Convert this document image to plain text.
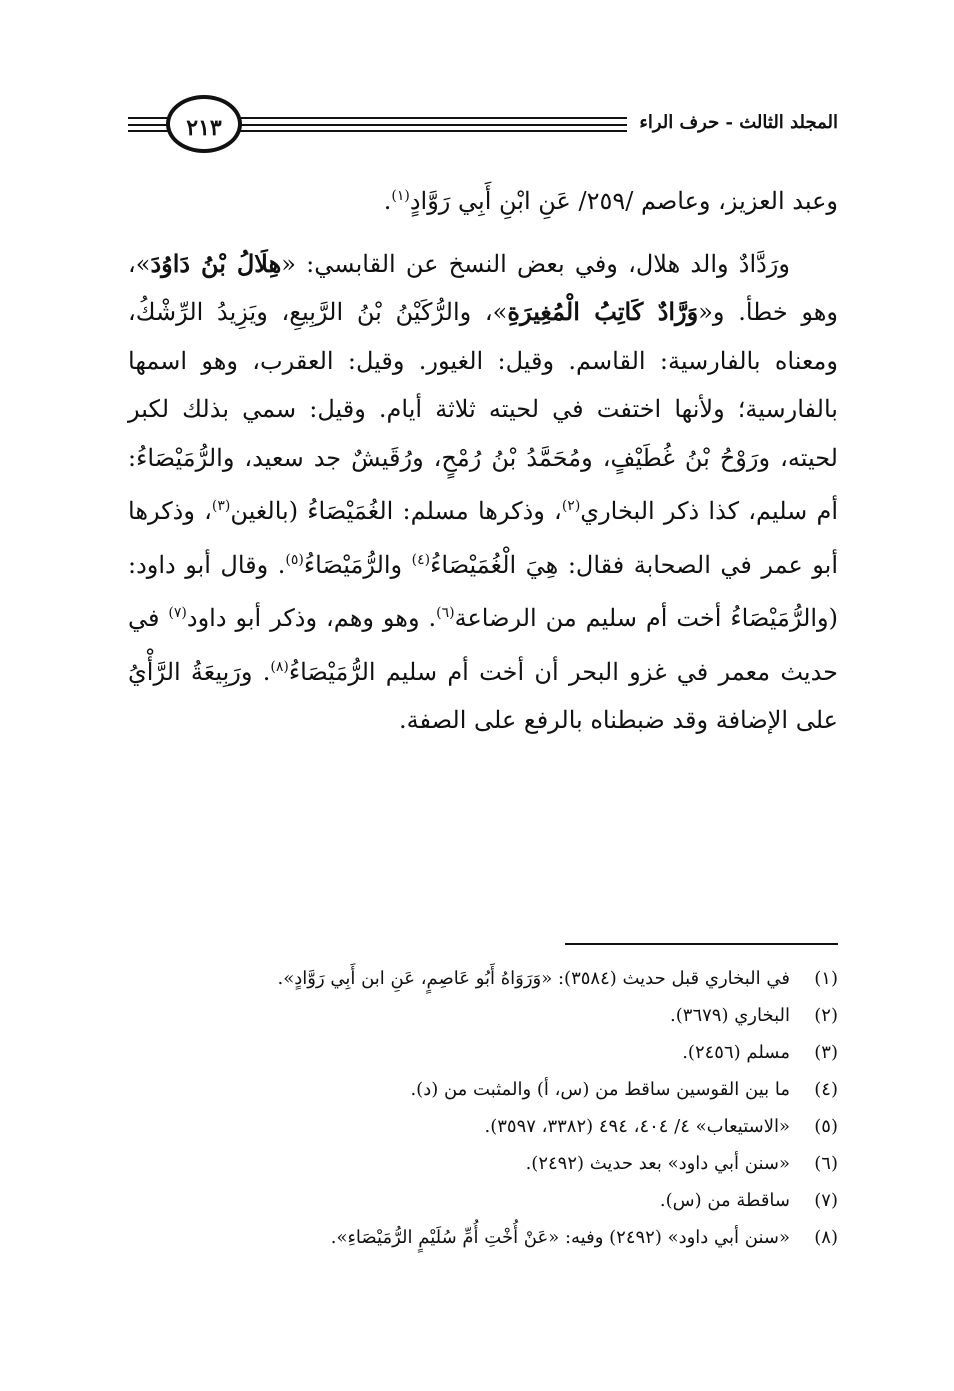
المجلد الثالث - حرف الراء
٢١٣

وعبد العزيز، وعاصم /٢٥٩/ عَنِ ابْنِ أَبِي رَوَّادٍ$^{(١)}$.

ورَدَّادٌ والد هلال، وفي بعض النسخ عن القابسي: «هِلَالُ بْنُ دَاوُدَ»، وهو خطأ. و«وَرَّادٌ كَاتِبُ الْمُغِيرَةِ»، والرُّكَيْنُ بْنُ الرَّبِيعِ، ويَزِيدُ الرِّشْكُ، ومعناه بالفارسية: القاسم. وقيل: الغيور. وقيل: العقرب، وهو اسمها بالفارسية؛ ولأنها اختفت في لحيته ثلاثة أيام. وقيل: سمي بذلك لكبر لحيته، ورَوْحُ بْنُ غُطَيْفٍ، ومُحَمَّدُ بْنُ رُمْحٍ، ورُقَيشٌ جد سعيد، والرُّمَيْصَاءُ: أم سليم، كذا ذكر البخاري$^{(٢)}$، وذكرها مسلم: الغُمَيْصَاءُ (بالغين$^{(٣)}$، وذكرها أبو عمر في الصحابة فقال: هِيَ الْغُمَيْصَاءُ$^{(٤)}$ والرُّمَيْصَاءُ$^{(٥)}$. وقال أبو داود: (والرُّمَيْصَاءُ أخت أم سليم من الرضاعة$^{(٦)}$. وهو وهم، وذكر أبو داود$^{(٧)}$ في حديث معمر في غزو البحر أن أخت أم سليم الرُّمَيْصَاءُ$^{(٨)}$. ورَبِيعَةُ الرَّأْيُ على الإضافة وقد ضبطناه بالرفع على الصفة.

(١)في البخاري قبل حديث (٣٥٨٤): «وَرَوَاهُ أَبُو عَاصِمٍ، عَنِ ابن أَبِي رَوَّادٍ».
(٢)البخاري (٣٦٧٩).
(٣)مسلم (٢٤٥٦).
(٤)ما بين القوسين ساقط من (س، أ) والمثبت من (د).
(٥)«الاستيعاب» ٤/ ٤٠٤، ٤٩٤ (٣٣٨٢، ٣٥٩٧).
(٦)«سنن أبي داود» بعد حديث (٢٤٩٢).
(٧)ساقطة من (س).
(٨)«سنن أبي داود» (٢٤٩٢) وفيه: «عَنْ أُخْتِ أُمِّ سُلَيْمٍ الرُّمَيْصَاءِ».
